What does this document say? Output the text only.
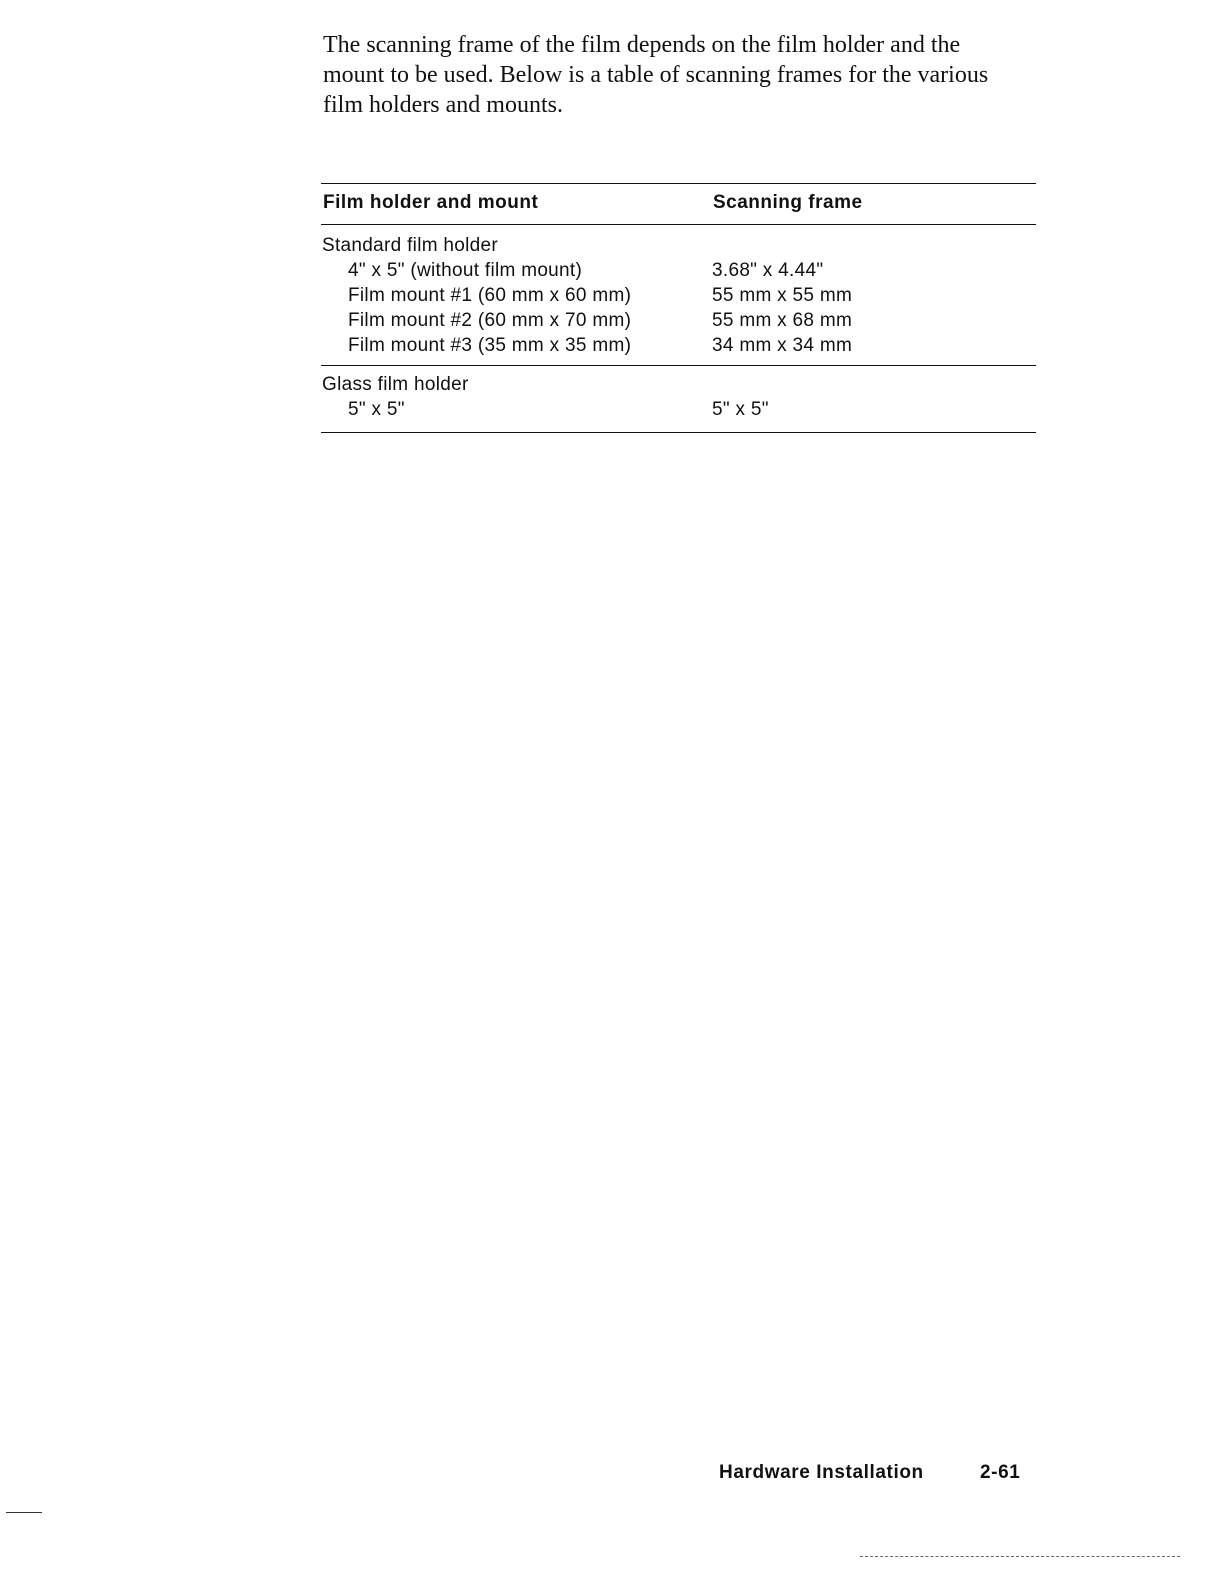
The scanning frame of the film depends on the film holder and the mount to be used. Below is a table of scanning frames for the various film holders and mounts.

Film holder and mount	Scanning frame
Standard film holder
4" x 5" (without film mount)	3.68" x 4.44"
Film mount #1 (60 mm x 60 mm)	55 mm x 55 mm
Film mount #2 (60 mm x 70 mm)	55 mm x 68 mm
Film mount #3 (35 mm x 35 mm)	34 mm x 34 mm
Glass film holder
5" x 5"	5" x 5"
Hardware Installation	2-61
